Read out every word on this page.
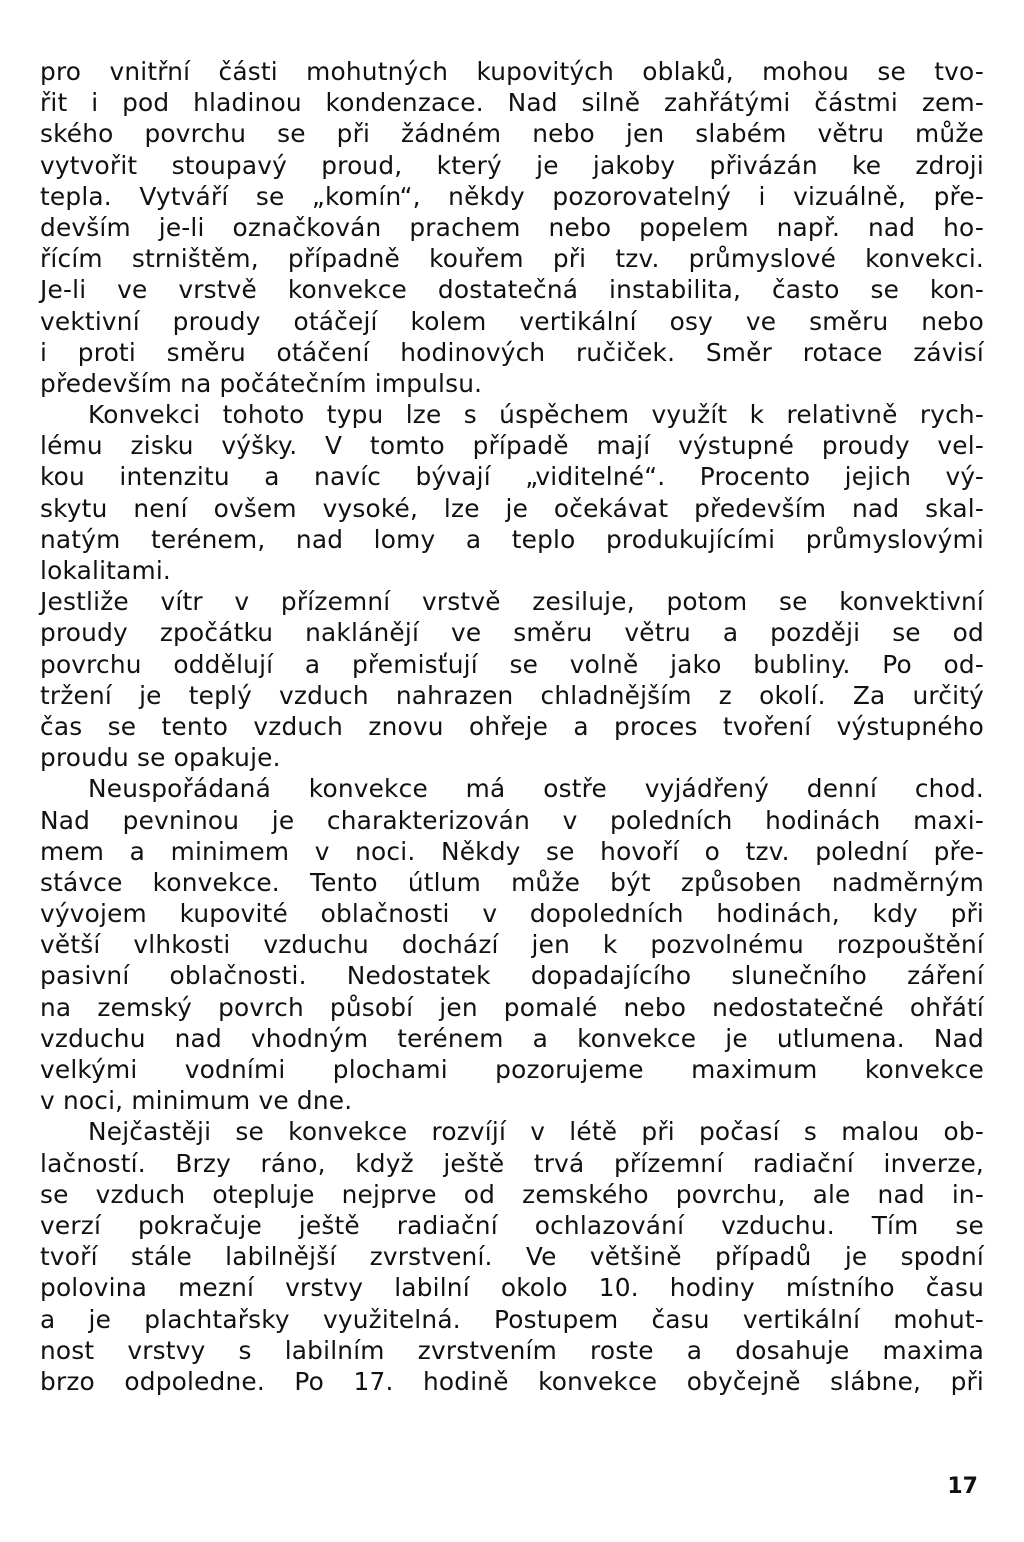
pro vnitřní části mohutných kupovitých oblaků, mohou se tvo-
řit i pod hladinou kondenzace. Nad silně zahřátými částmi zem-
ského povrchu se při žádném nebo jen slabém větru může
vytvořit stoupavý proud, který je jakoby přivázán ke zdroji
tepla. Vytváří se „komín“, někdy pozorovatelný i vizuálně, pře-
devším je-li označkován prachem nebo popelem např. nad ho-
řícím strništěm, případně kouřem při tzv. průmyslové konvekci.
Je-li ve vrstvě konvekce dostatečná instabilita, často se kon-
vektivní proudy otáčejí kolem vertikální osy ve směru nebo
i proti směru otáčení hodinových ručiček. Směr rotace závisí
především na počátečním impulsu.
Konvekci tohoto typu lze s úspěchem využít k relativně rych-
lému zisku výšky. V tomto případě mají výstupné proudy vel-
kou intenzitu a navíc bývají „viditelné“. Procento jejich vý-
skytu není ovšem vysoké, lze je očekávat především nad skal-
natým terénem, nad lomy a teplo produkujícími průmyslovými
lokalitami.
Jestliže vítr v přízemní vrstvě zesiluje, potom se konvektivní
proudy zpočátku naklánějí ve směru větru a později se od
povrchu oddělují a přemisťují se volně jako bubliny. Po od-
tržení je teplý vzduch nahrazen chladnějším z okolí. Za určitý
čas se tento vzduch znovu ohřeje a proces tvoření výstupného
proudu se opakuje.
Neuspořádaná konvekce má ostře vyjádřený denní chod.
Nad pevninou je charakterizován v poledních hodinách maxi-
mem a minimem v noci. Někdy se hovoří o tzv. polední pře-
stávce konvekce. Tento útlum může být způsoben nadměrným
vývojem kupovité oblačnosti v dopoledních hodinách, kdy při
větší vlhkosti vzduchu dochází jen k pozvolnému rozpouštění
pasivní oblačnosti. Nedostatek dopadajícího slunečního záření
na zemský povrch působí jen pomalé nebo nedostatečné ohřátí
vzduchu nad vhodným terénem a konvekce je utlumena. Nad
velkými vodními plochami pozorujeme maximum konvekce
v noci, minimum ve dne.
Nejčastěji se konvekce rozvíjí v létě při počasí s malou ob-
lačností. Brzy ráno, když ještě trvá přízemní radiační inverze,
se vzduch otepluje nejprve od zemského povrchu, ale nad in-
verzí pokračuje ještě radiační ochlazování vzduchu. Tím se
tvoří stále labilnější zvrstvení. Ve většině případů je spodní
polovina mezní vrstvy labilní okolo 10. hodiny místního času
a je plachtařsky využitelná. Postupem času vertikální mohut-
nost vrstvy s labilním zvrstvením roste a dosahuje maxima
brzo odpoledne. Po 17. hodině konvekce obyčejně slábne, při
17
